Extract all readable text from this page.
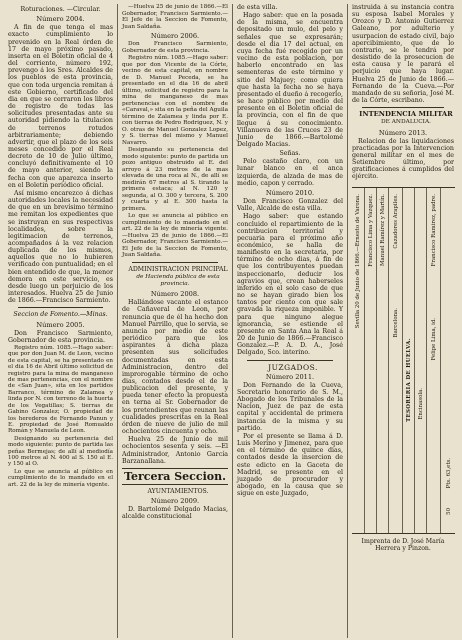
Roturaciones. —Circular.

Número 2004.

A fin de que tenga el mas exacto cumplimiento lo prevenido en la Real órden de 17 de mayo próximo pasado, inserta en el Boletin oficial de 4 del corriente, número 192, prevengo á los Sres. Alcaldes de los pueblos de esta provincia, que con toda urgencia remitan á este Gobierno, certificado del dia en que se cerraron los libros de registro de todas las solicitudes presentadas ante su autoridad pidiendo la titulacion de terrenos rotudos arbitrariamente; debiendo advertir, que el plazo de los seis meses concedido por el Real decreto de 10 de Julio último, concluyó definitivamente el 10 de mayo anterior, siendo la fecha con que aparezca inserto en el Boletin periódico oficial.

Así mismo encarezco á dichas autoridades locales la necesidad de que en un brevísimo término me remitan los expedientes que se instruyan en sus respectivas localidades, sobre la legitimacion de terrenos, acompañados á la vez relacion duplicada de los mismos, aquellos que no lo hubieren verificado con puntualidad; en el bien entendido de que, la menor demora en este servicio, es desde luego un perjuicio de los interesados. Huelva 25 de Junio de 1866.—Francisco Sarmiento.

Seccion de Fomento.—Minas.

Número 2005.

Don Francisco Sarmiento, Gobernador de esta provincia.

Registro núm. 1085.—Hago saber: que por don Juan M. de Leon, vecino de esta capital, se ha presentado en el dia 16 de Abril último solicitud de registro para la mina de manganeso de mas pertenencias, con el nombre de «San Juan», sita en los partidos Barranco, término de Zalamea y linda por N. con terreno de la huerta de los Vegatillas; S. tierras de Gabino Gonzalez; O. propiedad de los herederos de Fernando Panun y E. propiedad de José Romualdo Román y Manuela de Leon.

Designando su pertenencia del modo siguiente: punto de partida las peñas Bermejas; de allí al mediodía 100 metros al N. 400 al S. 150 al E. y 150 al O.

Lo que se anuncia al público en cumplimiento de lo mandado en el art. 22 de la ley de minería vigente.

—Huelva 25 de junio de 1866.—El Gobernador, Francisco Sarmiento.—El Jefe de la Seccion de Fomento, Juan Saldaña.

Número 2006.

Don Francisco Sarmiento, Gobernador de esta provincia.

Registro núm. 1085.—Hago saber: que por don Vicente de la Córte, vecino de esta capital, en nombre de D. Manuel Peceda, se ha presentado en el dia 16 de abril último, solicitud de registro para la mina de manganeso de mas pertenencias con el nombre de «Caraval,» sita en la peña del Aguila término de Zalamea y linda por E. con tierras de Pedro Rodriguez, N. y O. otras de Manuel Gonzalez Lopez, y S. tierras del mismo y Manuel Navarro.

Designando su pertenencia del modo siguiente: punto de partida un pozo antiguo obstruido al E. del arroyo á 23 metros de la mas elevada de una roca al N., de allí se medirán 67 metros al S. tirando la primera estaca; al N. 120 y segunda, al O. 300 y tercera, S. 200 y cuarta y al E. 300 hasta la primera.

Lo que se anuncia al público en cumplimiento de lo mandado en el art. 22 de la ley de minería vigente. —Huelva 25 de junio de 1866.—El Gobernador, Francisco Sarmiento.—El Jefe de la Seccion de Fomento, Juan Saldaña.

ADMINISTRACION PRINCIPAL

de Hacienda pública de esta provincia.

Número 2008.

Hallándose vacante el estanco de Cañaveral de Leon, por renuncia que de él ha hecho don Manuel Parrillo, que lo servia, se anuncia por medio de este periódico para que los aspirantes á dicha plaza presenten sus solicitudes documentadas en esta Administracion, dentro del improrogable término de ocho dias, contados desde el de la publicacion del presente, y pueda tener efecto la propuesta en terna al Sr. Gobernador de los pretendientes que reunan las cualidades prescritas en la Real órden de nueve de julio de mil ochocientos cincuenta y ocho.

Huelva 25 de Junio de mil ochocientos sesenta y seis. —El Administrador, Antonio García Barzanallana.

Tercera Seccion.

AYUNTAMIENTOS.

Número 2009.

D. Bartolomé Delgado Macias, alcalde constitucional

de esta villa.

Hago saber: que en la posada de la misma, se encuentra depositado un mulo, del pelo y señales que se expresarán; desde el dia 17 del actual, en cuya fecha fué recogido por un vecino de esta poblacion, por haberlo encontrado en las sementeras de este término y sitio del Majuey; como quiera que hasta la fecha no se haya presentado el dueño á recogerlo, se hace público por medio del presente en el Boletin oficial de la provincia, con el fin de que llegue á su conocimiento. Villanueva de las Cruces 23 de Junio de 1866.—Bartolomé Delgado Macias.

Señas.

Pelo castaño claro, con un lunar blanco en el anca izquierda, de alzada de mas de medio, capon y cerrado.

Número 2010.

Don Francisco Gonzalez del Valle, Alcalde de esta villa.

Hago saber: que estando concluido el repartimiento de la contribucion territorial y pecuaria para el próximo año económico, se halla de manifiesto en la secretaria, por término de ocho dias, á fin de que los contribuyentes puedan inspeccionarlo, deducir los agravios que, crean haberseles inferido en el solo caso de que no se hayan girado bien los tantos por ciento con que sale gravada la riqueza imponible. Y para que ninguno alegue ignorancia, se estiende el presente en Santa Ana la Real á 20 de Junio de 1866.—Francisco Gonzalez.—P. A. D. A., José Delgado, Sco. interino.

JUZGADOS.

Número 2011.

Don Fernando de la Cueva, Secretario honorario de S. M., Abogado de los Tribunales de la Nacion, Juez de paz de esta capital y accidental de primera instancia de la misma y su partido.

Por el presente se llama á D. Luis Merino y Jimenez, para que en el término de quince dias, contados desde la insercion de este edicto en la Gaceta de Madrid, se presente en el juzgado de procurador y abogado, en la causa que se sigue en este Juzgado,

instruida á su instancia contra su esposa Isabel Morales y Orozco y D. Antonio Gutierrez Galeano, por adulterio y usurpacion de estado civil, bajo apercibimiento, que de lo contrario, se le tendrá por desistido de la prosecucion de esta causa y le parará el perjuicio que haya lugar. Huelva 25 de Junio de 1866.—Fernando de la Cueva.—Por mandado de su señoria, José M. de la Córte, escribano.

INTENDENCIA MILITAR

DE ANDALUCIA.

Número 2013.

Relacion de las liquidaciones practicadas por la Intervencion general militar en el mes de Setiembre último, por gratificaciones á cumplidos del ejército.

Sevilla 20 de Junio de 1866.—Ernesto de Varona. Francisco Lima y Vazquez. Manuel Ramírez y Martín. Cazadores Arapiles.
Barcelona.
TESORERIA DE HUELVA. Encinasola.
Francisco Ramirez, padre.
Felipe Lima, id.
Pts. 63,ets.
50

Imprenta de D. José María Herrera y Pinzon.
